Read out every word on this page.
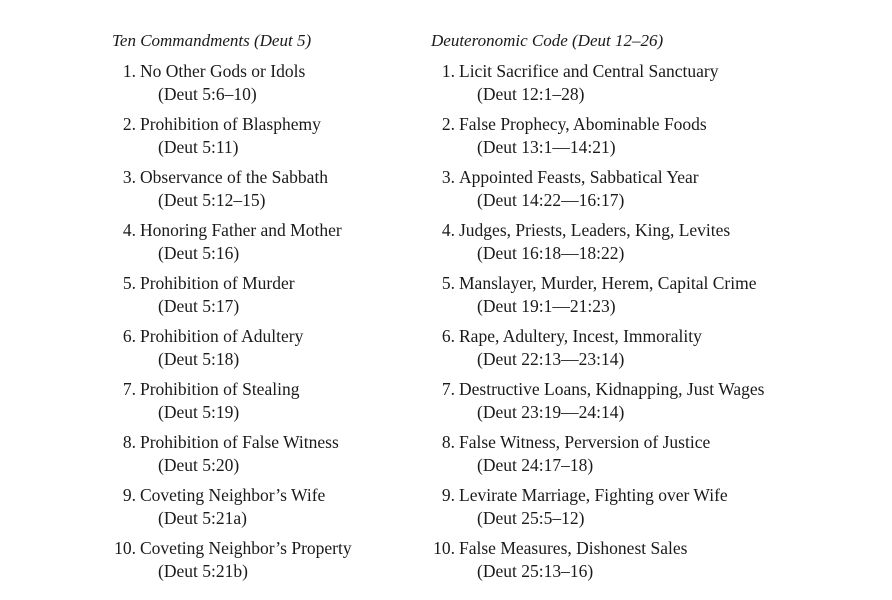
Ten Commandments (Deut 5)
1. No Other Gods or Idols
(Deut 5:6–10)
2. Prohibition of Blasphemy
(Deut 5:11)
3. Observance of the Sabbath
(Deut 5:12–15)
4. Honoring Father and Mother
(Deut 5:16)
5. Prohibition of Murder
(Deut 5:17)
6. Prohibition of Adultery
(Deut 5:18)
7. Prohibition of Stealing
(Deut 5:19)
8. Prohibition of False Witness
(Deut 5:20)
9. Coveting Neighbor’s Wife
(Deut 5:21a)
10. Coveting Neighbor’s Property
(Deut 5:21b)
Deuteronomic Code (Deut 12–26)
1. Licit Sacrifice and Central Sanctuary
(Deut 12:1–28)
2. False Prophecy, Abominable Foods
(Deut 13:1—14:21)
3. Appointed Feasts, Sabbatical Year
(Deut 14:22—16:17)
4. Judges, Priests, Leaders, King, Levites
(Deut 16:18—18:22)
5. Manslayer, Murder, Herem, Capital Crime
(Deut 19:1—21:23)
6. Rape, Adultery, Incest, Immorality
(Deut 22:13—23:14)
7. Destructive Loans, Kidnapping, Just Wages
(Deut 23:19—24:14)
8. False Witness, Perversion of Justice
(Deut 24:17–18)
9. Levirate Marriage, Fighting over Wife
(Deut 25:5–12)
10. False Measures, Dishonest Sales
(Deut 25:13–16)
